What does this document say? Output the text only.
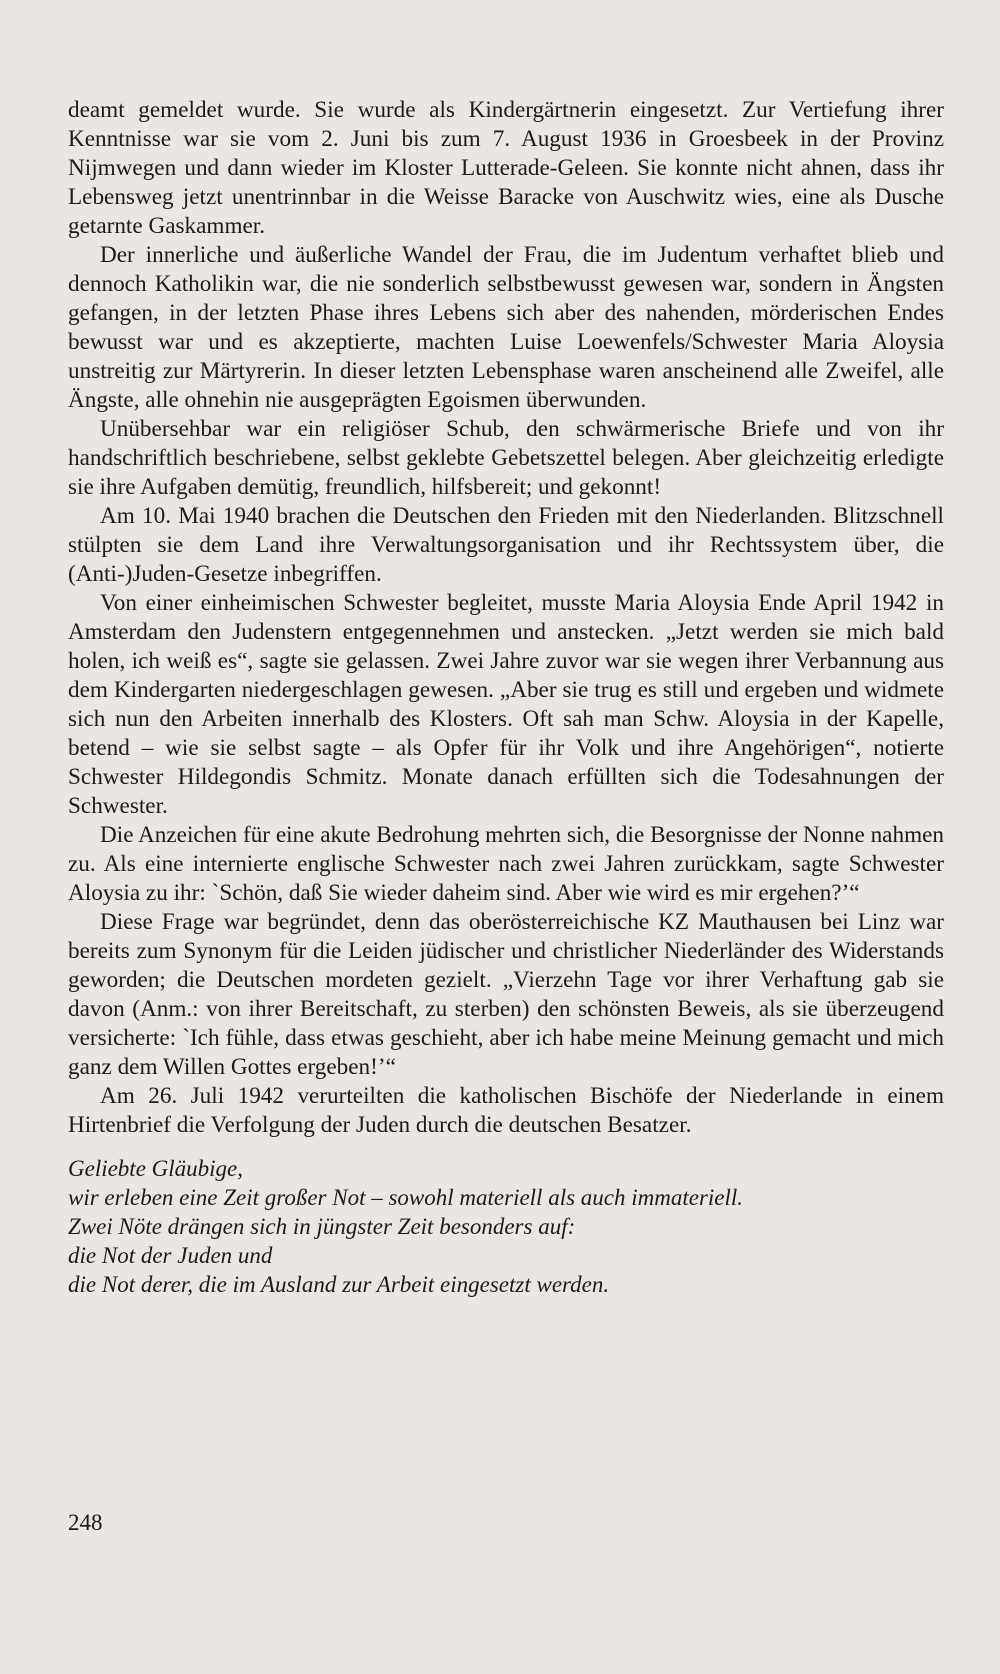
deamt gemeldet wurde. Sie wurde als Kindergärtnerin eingesetzt. Zur Vertiefung ihrer Kenntnisse war sie vom 2. Juni bis zum 7. August 1936 in Groesbeek in der Provinz Nijmwegen und dann wieder im Kloster Lutterade-Geleen. Sie konnte nicht ahnen, dass ihr Lebensweg jetzt unentrinnbar in die Weisse Baracke von Auschwitz wies, eine als Dusche getarnte Gaskammer.

Der innerliche und äußerliche Wandel der Frau, die im Judentum verhaftet blieb und dennoch Katholikin war, die nie sonderlich selbstbewusst gewesen war, sondern in Ängsten gefangen, in der letzten Phase ihres Lebens sich aber des nahenden, mörderischen Endes bewusst war und es akzeptierte, machten Luise Loewenfels/Schwester Maria Aloysia unstreitig zur Märtyrerin. In dieser letzten Lebensphase waren anscheinend alle Zweifel, alle Ängste, alle ohnehin nie ausgeprägten Egoismen überwunden.

Unübersehbar war ein religiöser Schub, den schwärmerische Briefe und von ihr handschriftlich beschriebene, selbst geklebte Gebetszettel belegen. Aber gleichzeitig erledigte sie ihre Aufgaben demütig, freundlich, hilfsbereit; und gekonnt!

Am 10. Mai 1940 brachen die Deutschen den Frieden mit den Niederlanden. Blitzschnell stülpten sie dem Land ihre Verwaltungsorganisation und ihr Rechtssystem über, die (Anti-)Juden-Gesetze inbegriffen.

Von einer einheimischen Schwester begleitet, musste Maria Aloysia Ende April 1942 in Amsterdam den Judenstern entgegennehmen und anstecken. „Jetzt werden sie mich bald holen, ich weiß es“, sagte sie gelassen. Zwei Jahre zuvor war sie wegen ihrer Verbannung aus dem Kindergarten niedergeschlagen gewesen. „Aber sie trug es still und ergeben und widmete sich nun den Arbeiten innerhalb des Klosters. Oft sah man Schw. Aloysia in der Kapelle, betend – wie sie selbst sagte – als Opfer für ihr Volk und ihre Angehörigen“, notierte Schwester Hildegondis Schmitz. Monate danach erfüllten sich die Todesahnungen der Schwester.

Die Anzeichen für eine akute Bedrohung mehrten sich, die Besorgnisse der Nonne nahmen zu. Als eine internierte englische Schwester nach zwei Jahren zurückkam, sagte Schwester Aloysia zu ihr: `Schön, daß Sie wieder daheim sind. Aber wie wird es mir ergehen?’“

Diese Frage war begründet, denn das oberösterreichische KZ Mauthausen bei Linz war bereits zum Synonym für die Leiden jüdischer und christlicher Niederländer des Widerstands geworden; die Deutschen mordeten gezielt. „Vierzehn Tage vor ihrer Verhaftung gab sie davon (Anm.: von ihrer Bereitschaft, zu sterben) den schönsten Beweis, als sie überzeugend versicherte: `Ich fühle, dass etwas geschieht, aber ich habe meine Meinung gemacht und mich ganz dem Willen Gottes ergeben!’“

Am 26. Juli 1942 verurteilten die katholischen Bischöfe der Niederlande in einem Hirtenbrief die Verfolgung der Juden durch die deutschen Besatzer.

Geliebte Gläubige,
wir erleben eine Zeit großer Not – sowohl materiell als auch immateriell.
Zwei Nöte drängen sich in jüngster Zeit besonders auf:
die Not der Juden und
die Not derer, die im Ausland zur Arbeit eingesetzt werden.
248
